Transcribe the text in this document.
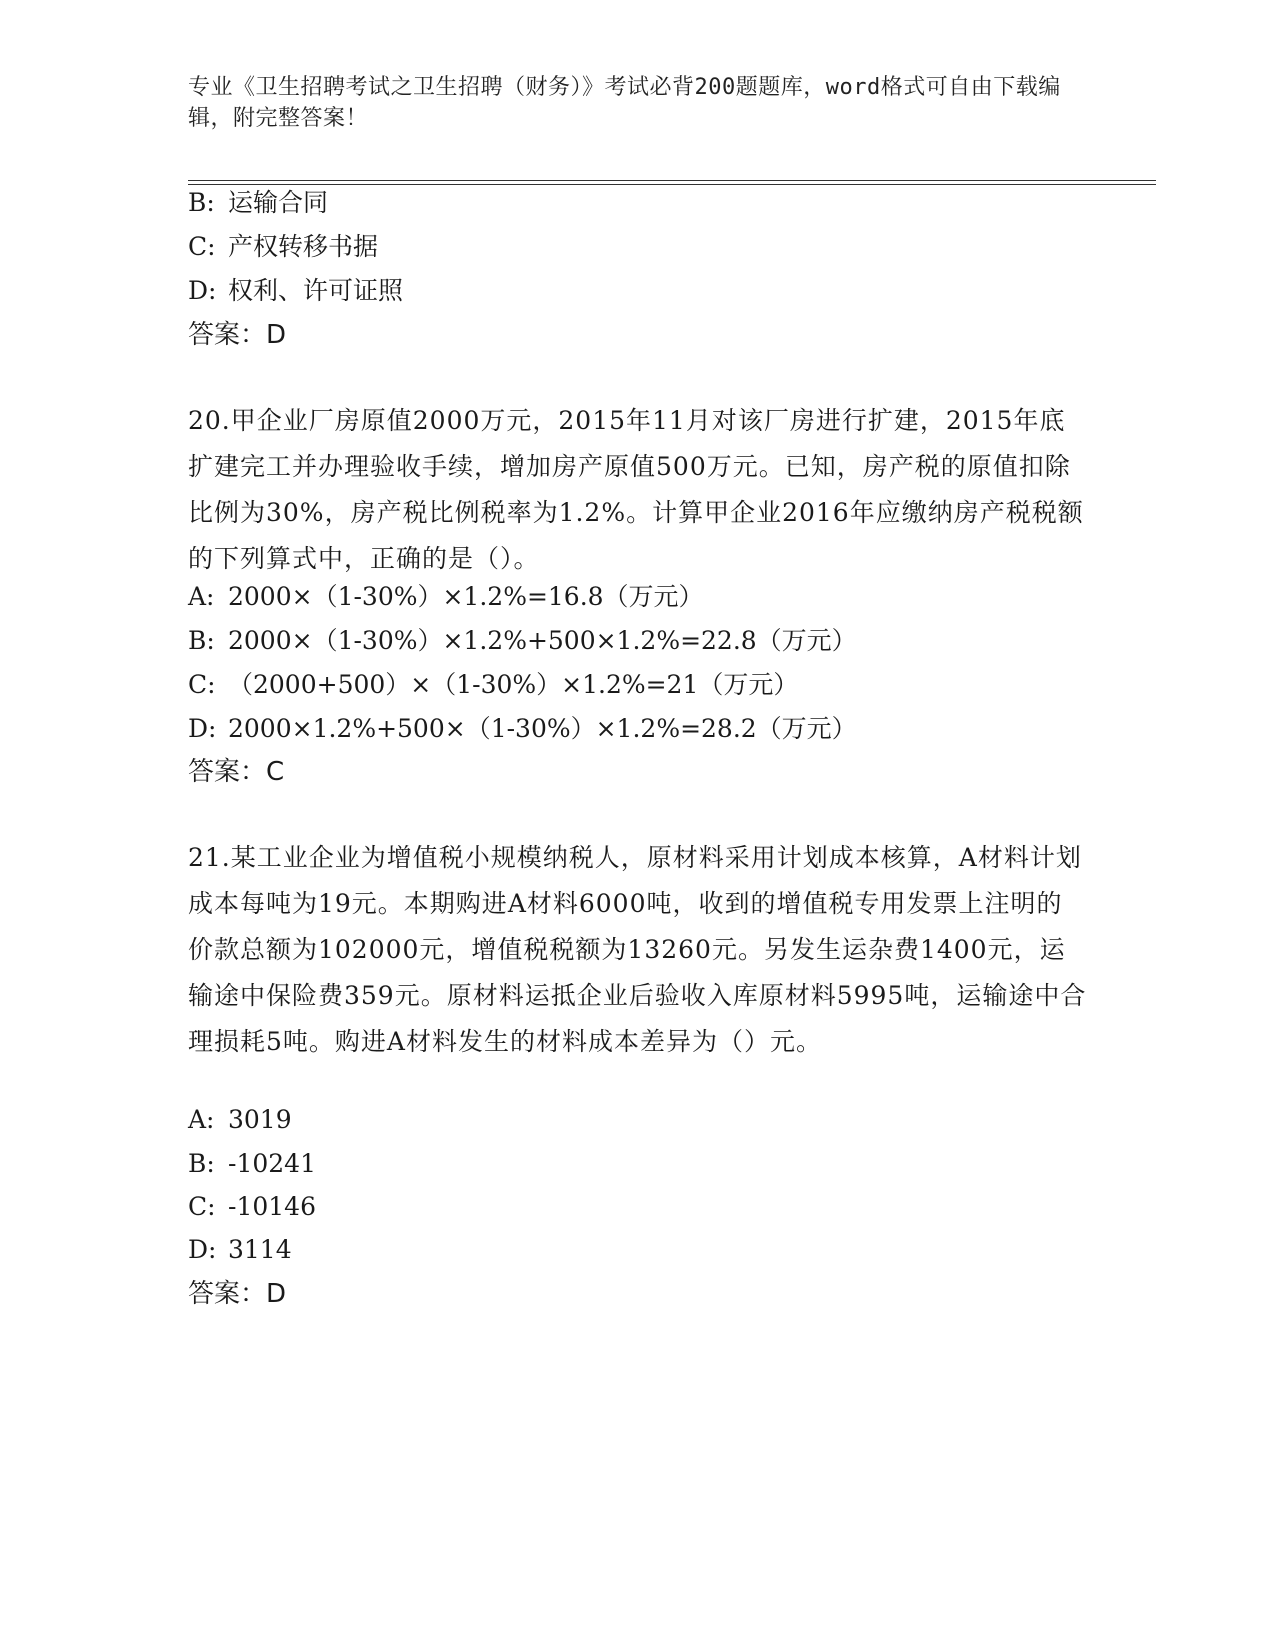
专业《卫生招聘考试之卫生招聘（财务）》考试必背200题题库，word格式可自由下载编辑，附完整答案！
B: 运输合同
C: 产权转移书据
D: 权利、许可证照
答案：D
20.甲企业厂房原值2000万元，2015年11月对该厂房进行扩建，2015年底扩建完工并办理验收手续，增加房产原值500万元。已知，房产税的原值扣除比例为30%，房产税比例税率为1.2%。计算甲企业2016年应缴纳房产税税额的下列算式中，正确的是（）。
A: 2000×（1-30%）×1.2%=16.8（万元）
B: 2000×（1-30%）×1.2%+500×1.2%=22.8（万元）
C: （2000+500）×（1-30%）×1.2%=21（万元）
D: 2000×1.2%+500×（1-30%）×1.2%=28.2（万元）
答案：C
21.某工业企业为增值税小规模纳税人，原材料采用计划成本核算，A材料计划成本每吨为19元。本期购进A材料6000吨，收到的增值税专用发票上注明的价款总额为102000元，增值税税额为13260元。另发生运杂费1400元，运输途中保险费359元。原材料运抵企业后验收入库原材料5995吨，运输途中合理损耗5吨。购进A材料发生的材料成本差异为（）元。
A: 3019
B: -10241
C: -10146
D: 3114
答案：D
